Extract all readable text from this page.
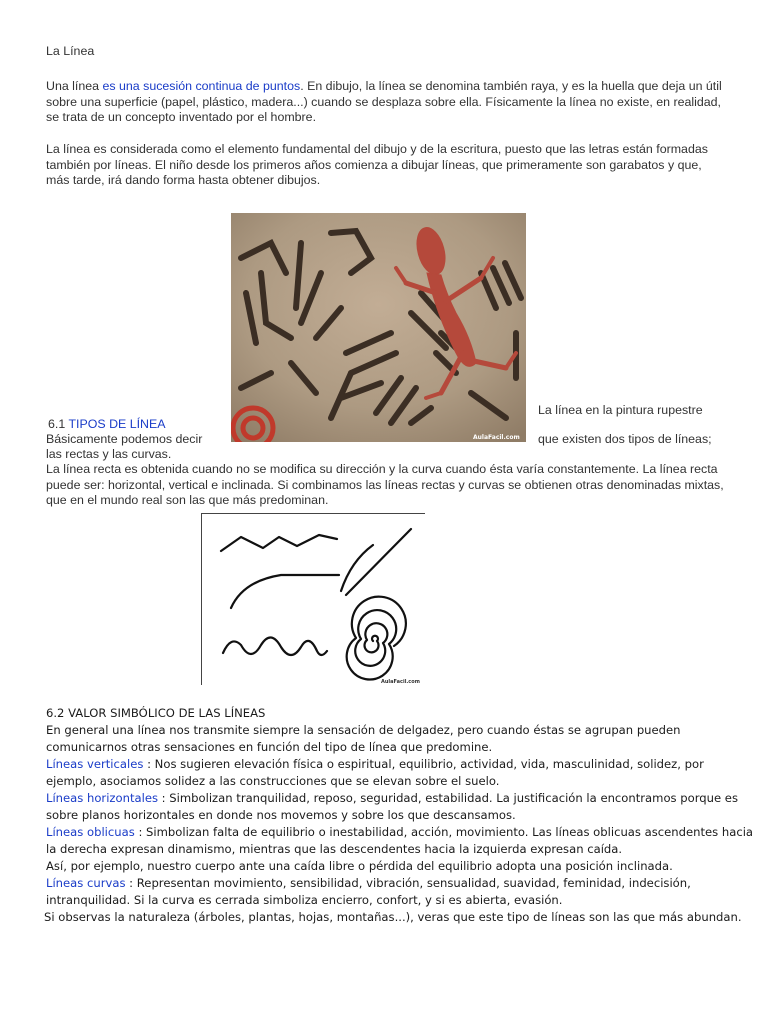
La Línea

Una línea es una sucesión continua de puntos. En dibujo, la línea se denomina también raya, y es la huella que deja un útil sobre una superficie (papel, plástico, madera...) cuando se desplaza sobre ella. Físicamente la línea no existe, en realidad, se trata de un concepto inventado por el hombre.

La línea es considerada como el elemento fundamental del dibujo y de la escritura, puesto que las letras están formadas también por líneas. El niño desde los primeros años comienza a dibujar líneas, que primeramente son garabatos y que, más tarde, irá dando forma hasta obtener dibujos.

AulaFacil.com
La línea en la pintura rupestre
6.1 TIPOS DE LÍNEA
Básicamente podemos decir	que existen dos tipos de líneas;
las rectas y las curvas.

La línea recta es obtenida cuando no se modifica su dirección y la curva cuando ésta varía constantemente. La línea recta puede ser: horizontal, vertical e inclinada. Si combinamos las líneas rectas y curvas se obtienen otras denominadas mixtas, que en el mundo real son las que más predominan.

AulaFacil.com
6.2 VALOR SIMBÓLICO DE LAS LÍNEAS
En general una línea nos transmite siempre la sensación de delgadez, pero cuando éstas se agrupan pueden
comunicarnos otras sensaciones en función del tipo de línea que predomine.
Líneas verticales : Nos sugieren elevación física o espiritual, equilibrio, actividad, vida, masculinidad, solidez, por
ejemplo, asociamos solidez a las construcciones que se elevan sobre el suelo.
Líneas horizontales : Simbolizan tranquilidad, reposo, seguridad, estabilidad. La justificación la encontramos porque es
sobre planos horizontales en donde nos movemos y sobre los que descansamos.
Líneas oblicuas : Simbolizan falta de equilibrio o inestabilidad, acción, movimiento. Las líneas oblicuas ascendentes hacia
la derecha expresan dinamismo, mientras que las descendentes hacia la izquierda expresan caída.
Así, por ejemplo, nuestro cuerpo ante una caída libre o pérdida del equilibrio adopta una posición inclinada.
Líneas curvas : Representan movimiento, sensibilidad, vibración, sensualidad, suavidad, feminidad, indecisión,
intranquilidad. Si la curva es cerrada simboliza encierro, confort, y si es abierta, evasión.
Si observas la naturaleza (árboles, plantas, hojas, montañas...), veras que este tipo de líneas son las que más abundan.
